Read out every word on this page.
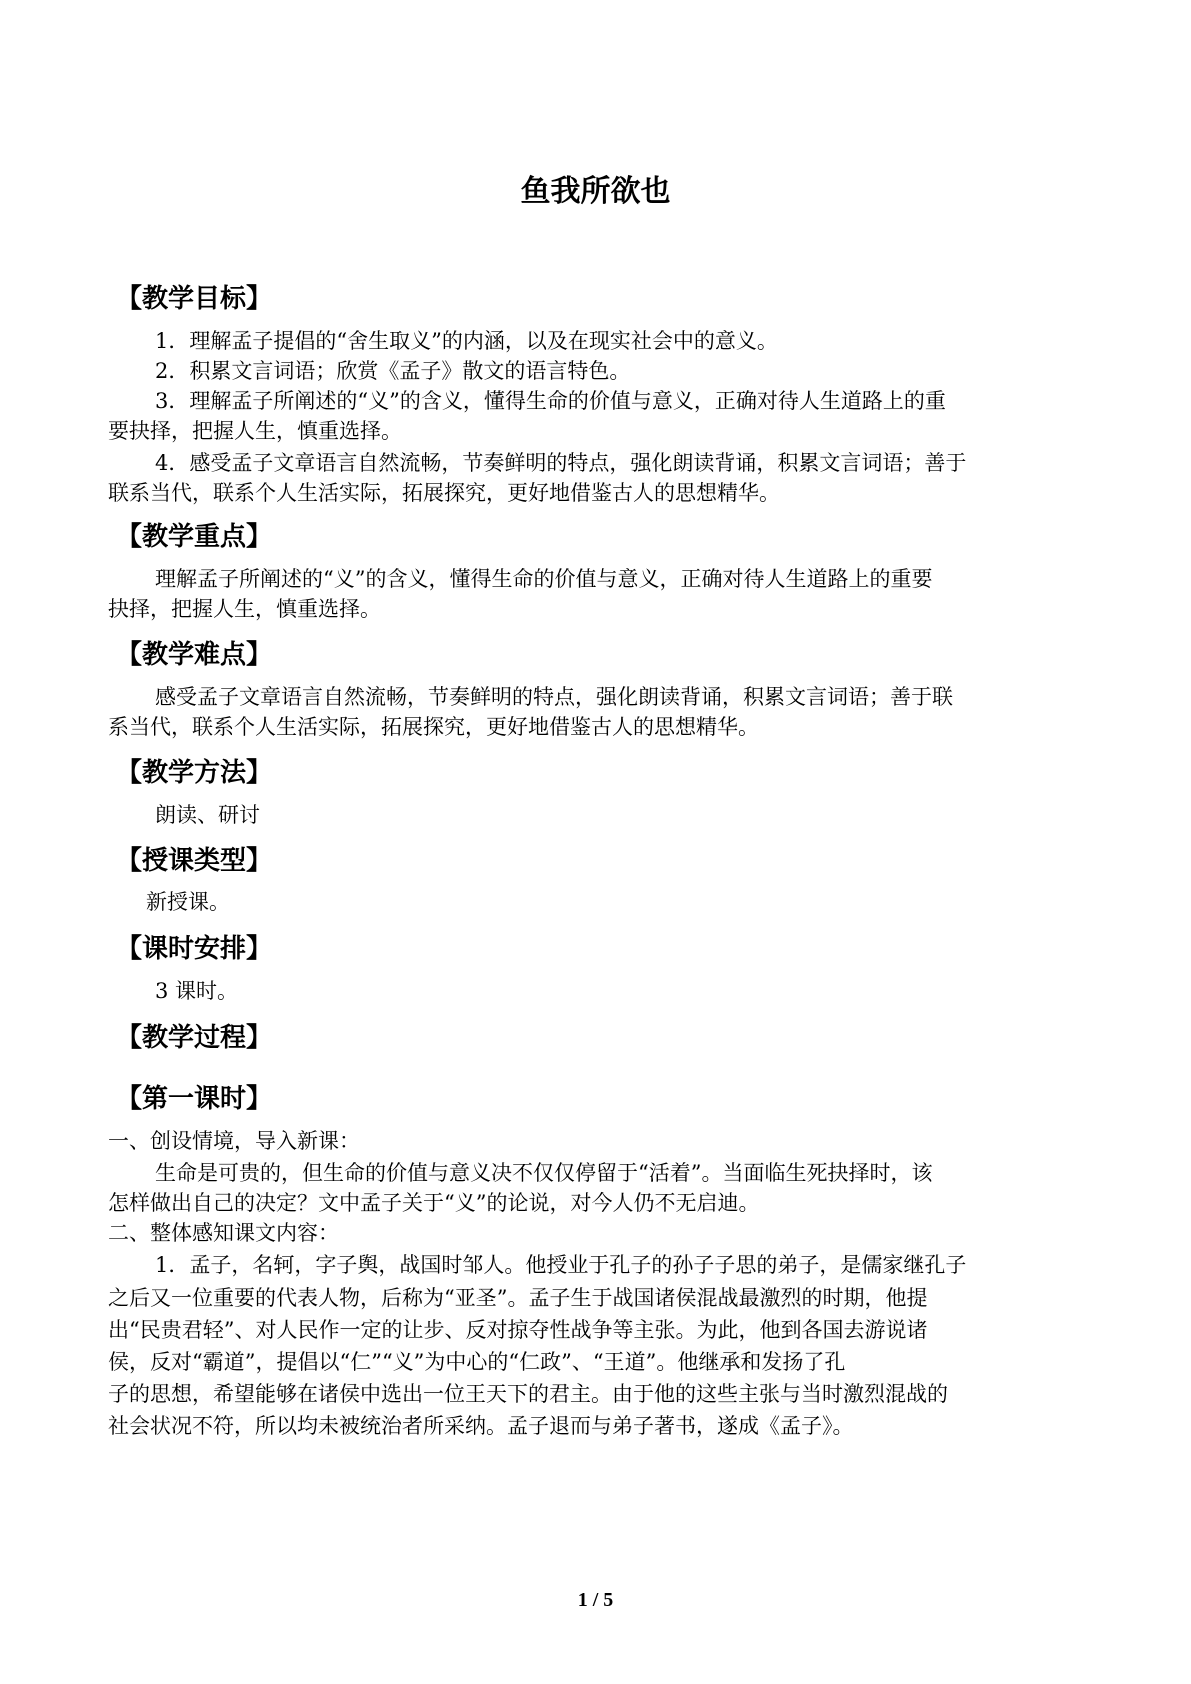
鱼我所欲也
【教学目标】
1．理解孟子提倡的“舍生取义”的内涵，以及在现实社会中的意义。
2．积累文言词语；欣赏《孟子》散文的语言特色。
3．理解孟子所阐述的“义”的含义，懂得生命的价值与意义，正确对待人生道路上的重
要抉择，把握人生，慎重选择。
4．感受孟子文章语言自然流畅，节奏鲜明的特点，强化朗读背诵，积累文言词语；善于
联系当代，联系个人生活实际，拓展探究，更好地借鉴古人的思想精华。
【教学重点】
理解孟子所阐述的“义”的含义，懂得生命的价值与意义，正确对待人生道路上的重要
抉择，把握人生，慎重选择。
【教学难点】
感受孟子文章语言自然流畅，节奏鲜明的特点，强化朗读背诵，积累文言词语；善于联
系当代，联系个人生活实际，拓展探究，更好地借鉴古人的思想精华。
【教学方法】
朗读、研讨
【授课类型】
新授课。
【课时安排】
3 课时。
【教学过程】
【第一课时】
一、创设情境，导入新课：
生命是可贵的，但生命的价值与意义决不仅仅停留于“活着”。当面临生死抉择时，该
怎样做出自己的决定？文中孟子关于“义”的论说，对今人仍不无启迪。
二、整体感知课文内容：
1．孟子，名轲，字子舆，战国时邹人。他授业于孔子的孙子子思的弟子，是儒家继孔子
之后又一位重要的代表人物，后称为“亚圣”。孟子生于战国诸侯混战最激烈的时期，他提
出“民贵君轻”、对人民作一定的让步、反对掠夺性战争等主张。为此，他到各国去游说诸
侯，反对“霸道”，提倡以“仁”“义”为中心的“仁政”、“王道”。他继承和发扬了孔
子的思想，希望能够在诸侯中选出一位王天下的君主。由于他的这些主张与当时激烈混战的
社会状况不符，所以均未被统治者所采纳。孟子退而与弟子著书，遂成《孟子》。
1 / 5
